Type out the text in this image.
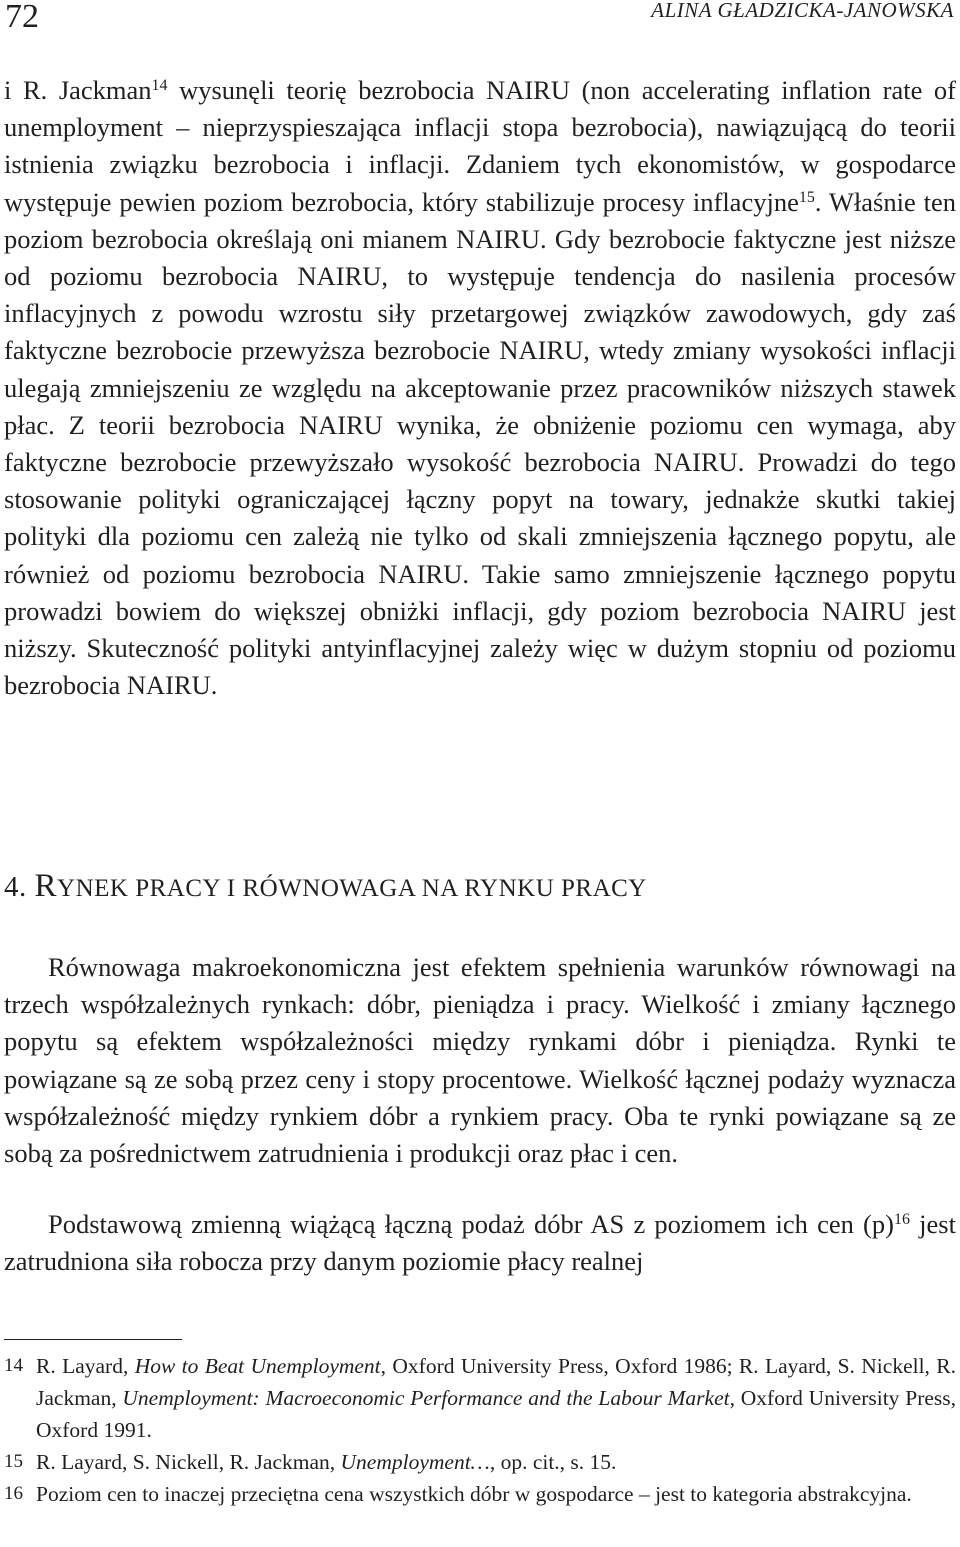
72	ALINA GŁADZICKA-JANOWSKA

i R. Jackman$^{14}$ wysunęli teorię bezrobocia NAIRU (non accelerating inflation rate of unemployment – nieprzyspieszająca inflacji stopa bezrobocia), nawiązującą do teorii istnienia związku bezrobocia i inflacji. Zdaniem tych ekonomistów, w gospodarce występuje pewien poziom bezrobocia, który stabilizuje procesy inflacyjne$^{15}$. Właśnie ten poziom bezrobocia określają oni mianem NAIRU. Gdy bezrobocie faktyczne jest niższe od poziomu bezrobocia NAIRU, to występuje tendencja do nasilenia procesów inflacyjnych z powodu wzrostu siły przetargowej związków zawodowych, gdy zaś faktyczne bezrobocie przewyższa bezrobocie NAIRU, wtedy zmiany wysokości inflacji ulegają zmniejszeniu ze względu na akceptowanie przez pracowników niższych stawek płac. Z teorii bezrobocia NAIRU wynika, że obniżenie poziomu cen wymaga, aby faktyczne bezrobocie przewyższało wysokość bezrobocia NAIRU. Prowadzi do tego stosowanie polityki ograniczającej łączny popyt na towary, jednakże skutki takiej polityki dla poziomu cen zależą nie tylko od skali zmniejszenia łącznego popytu, ale również od poziomu bezrobocia NAIRU. Takie samo zmniejszenie łącznego popytu prowadzi bowiem do większej obniżki inflacji, gdy poziom bezrobocia NAIRU jest niższy. Skuteczność polityki antyinflacyjnej zależy więc w dużym stopniu od poziomu bezrobocia NAIRU.

4. RYNEK PRACY I RÓWNOWAGA NA RYNKU PRACY

Równowaga makroekonomiczna jest efektem spełnienia warunków równowagi na trzech współzależnych rynkach: dóbr, pieniądza i pracy. Wielkość i zmiany łącznego popytu są efektem współzależności między rynkami dóbr i pieniądza. Rynki te powiązane są ze sobą przez ceny i stopy procentowe. Wielkość łącznej podaży wyznacza współzależność między rynkiem dóbr a rynkiem pracy. Oba te rynki powiązane są ze sobą za pośrednictwem zatrudnienia i produkcji oraz płac i cen.

Podstawową zmienną wiążącą łączną podaż dóbr AS z poziomem ich cen $(p)^{16}$ jest zatrudniona siła robocza przy danym poziomie płacy realnej

14 R. Layard, How to Beat Unemployment, Oxford University Press, Oxford 1986; R. Layard, S. Nickell, R. Jackman, Unemployment: Macroeconomic Performance and the Labour Market, Oxford University Press, Oxford 1991.
15 R. Layard, S. Nickell, R. Jackman, Unemployment…, op. cit., s. 15.
16 Poziom cen to inaczej przeciętna cena wszystkich dóbr w gospodarce – jest to kategoria abstrakcyjna.
